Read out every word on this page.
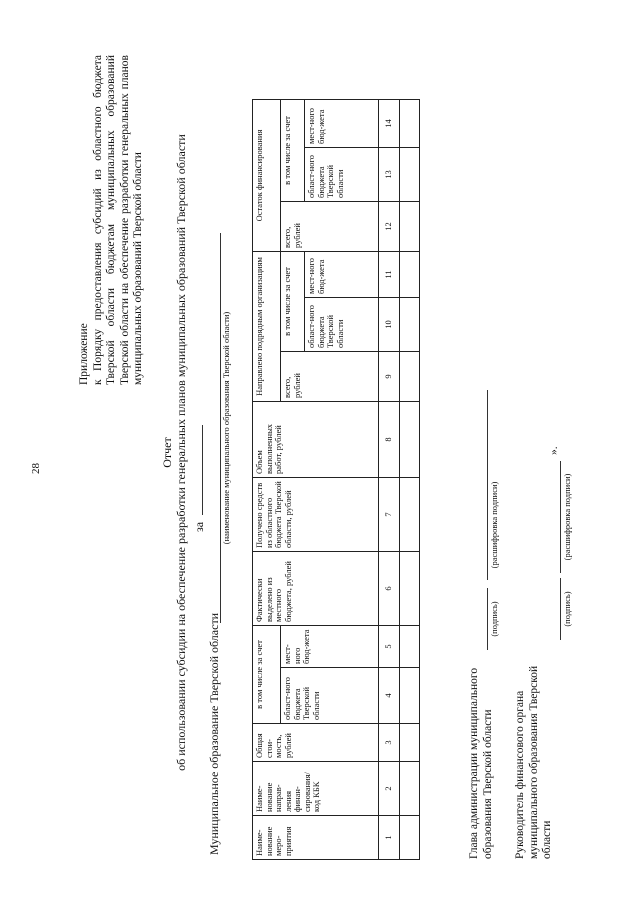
28
Приложение к Порядку предоставления субсидий из областного бюджета Тверской области бюджетам муниципальных образований Тверской области на обеспечение разработки генеральных планов муниципальных образований Тверской области
Отчет об использовании субсидии на обеспечение разработки генеральных планов муниципальных образований Тверской области за
Муниципальное образование Тверской области
(наименование муниципального образования Тверской области)
Наиме-нование меро-приятия	Наиме-нование направ-ления финан-сирования/ код КБК	Общая стои-мость, рублей	в том числе за счет		Фактически выделено из местного бюджета, рублей	Получено средств из областного бюджета Тверской области, рублей	Объем выполненных работ, рублей	Направлено подрядным организациям			Остаток финансирования		
			област-ного бюджета Тверской области	мест-ного бюд-жета				всего, рублей	в том числе за счет		всего, рублей	в том числе за счет	
									област-ного бюджета Тверской области	мест-ного бюд-жета		област-ного бюджета Тверской области	мест-ного бюд-жета
1	2	3	4	5	6	7	8	9	10	11	12	13	14

Глава администрации муниципального образования Тверской области
(подпись)
(расшифровка подписи)
Руководитель финансового органа муниципального образования Тверской области
(подпись)
(расшифровка подписи)
».
